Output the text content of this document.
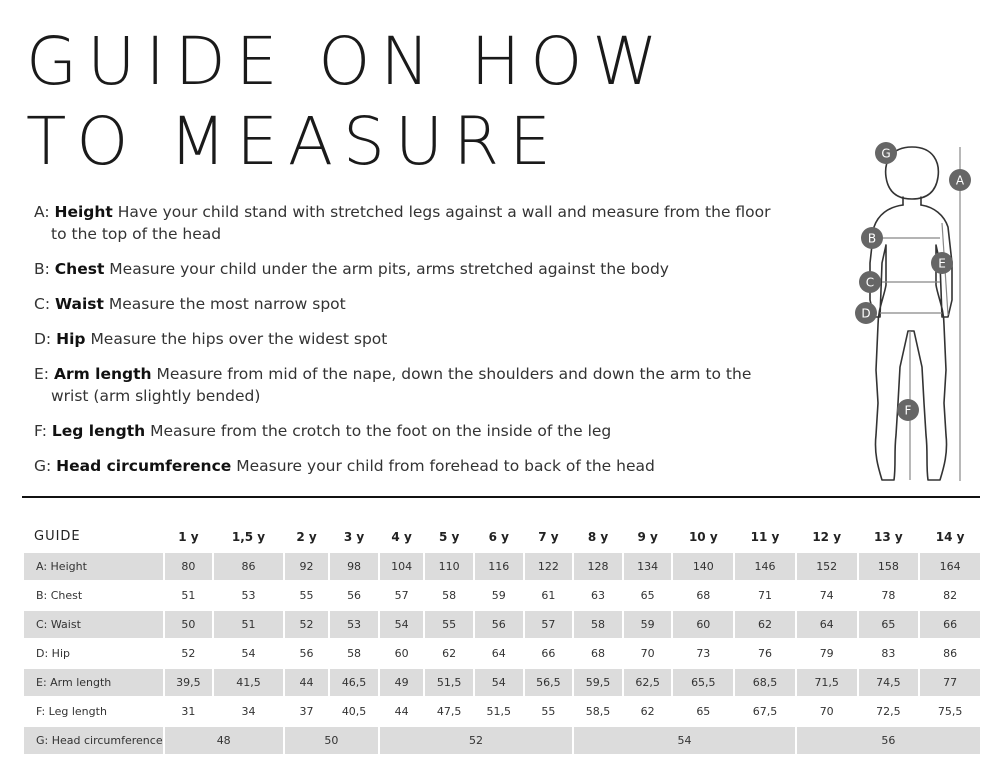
GUIDE ON HOW
TO MEASURE
A: Height Have your child stand with stretched legs against a wall and measure from the floor
to the top of the head
B: Chest Measure your child under the arm pits, arms stretched against the body
C: Waist Measure the most narrow spot
D: Hip Measure the hips over the widest spot
E: Arm length Measure from mid of the nape, down the shoulders and down the arm to the
wrist (arm slightly bended)
F: Leg length Measure from the crotch to the foot on the inside of the leg
G: Head circumference Measure your child from forehead to back of the head
A
B
C
E
D
F
G
GUIDE	1 y	1,5 y	2 y	3 y	4 y	5 y	6 y	7 y	8 y	9 y	10 y	11 y	12 y	13 y	14 y
A: Height	80	86	92	98	104	110	116	122	128	134	140	146	152	158	164
B: Chest	51	53	55	56	57	58	59	61	63	65	68	71	74	78	82
C: Waist	50	51	52	53	54	55	56	57	58	59	60	62	64	65	66
D: Hip	52	54	56	58	60	62	64	66	68	70	73	76	79	83	86
E: Arm length	39,5	41,5	44	46,5	49	51,5	54	56,5	59,5	62,5	65,5	68,5	71,5	74,5	77
F: Leg length	31	34	37	40,5	44	47,5	51,5	55	58,5	62	65	67,5	70	72,5	75,5
G: Head circumference	48		50		52				54				56		
